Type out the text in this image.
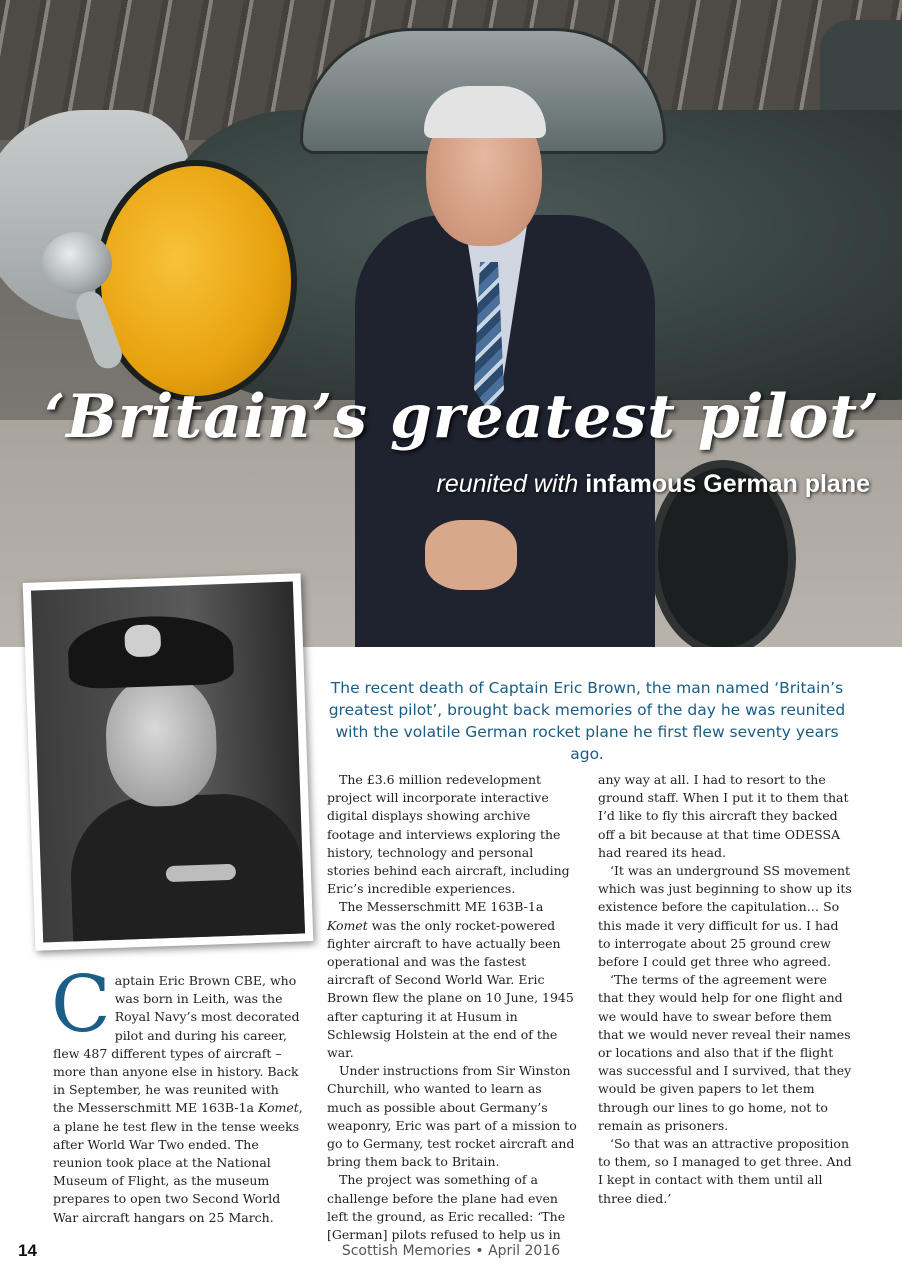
‘Britain’s greatest pilot’

reunited with infamous German plane

The recent death of Captain Eric Brown, the man named ‘Britain’s greatest pilot’, brought back memories of the day he was reunited with the volatile German rocket plane he first flew seventy years ago.

Captain Eric Brown CBE, who was born in Leith, was the Royal Navy’s most decorated pilot and during his career, flew 487 different types of aircraft – more than anyone else in history. Back in September, he was reunited with the Messerschmitt ME 163B-1a Komet, a plane he test flew in the tense weeks after World War Two ended. The reunion took place at the National Museum of Flight, as the museum prepares to open two Second World War aircraft hangars on 25 March.

The £3.6 million redevelopment project will incorporate interactive digital displays showing archive footage and interviews exploring the history, technology and personal stories behind each aircraft, including Eric’s incredible experiences.

The Messerschmitt ME 163B-1a Komet was the only rocket-powered fighter aircraft to have actually been operational and was the fastest aircraft of Second World War. Eric Brown flew the plane on 10 June, 1945 after capturing it at Husum in Schlewsig Holstein at the end of the war.

Under instructions from Sir Winston Churchill, who wanted to learn as much as possible about Germany’s weaponry, Eric was part of a mission to go to Germany, test rocket aircraft and bring them back to Britain.

The project was something of a challenge before the plane had even left the ground, as Eric recalled: ‘The [German] pilots refused to help us in

any way at all. I had to resort to the ground staff. When I put it to them that I’d like to fly this aircraft they backed off a bit because at that time ODESSA had reared its head.

‘It was an underground SS movement which was just beginning to show up its existence before the capitulation… So this made it very difficult for us. I had to interrogate about 25 ground crew before I could get three who agreed.

‘The terms of the agreement were that they would help for one flight and we would have to swear before them that we would never reveal their names or locations and also that if the flight was successful and I survived, that they would be given papers to let them through our lines to go home, not to remain as prisoners.

‘So that was an attractive proposition to them, so I managed to get three. And I kept in contact with them until all three died.’

14	Scottish Memories • April 2016
